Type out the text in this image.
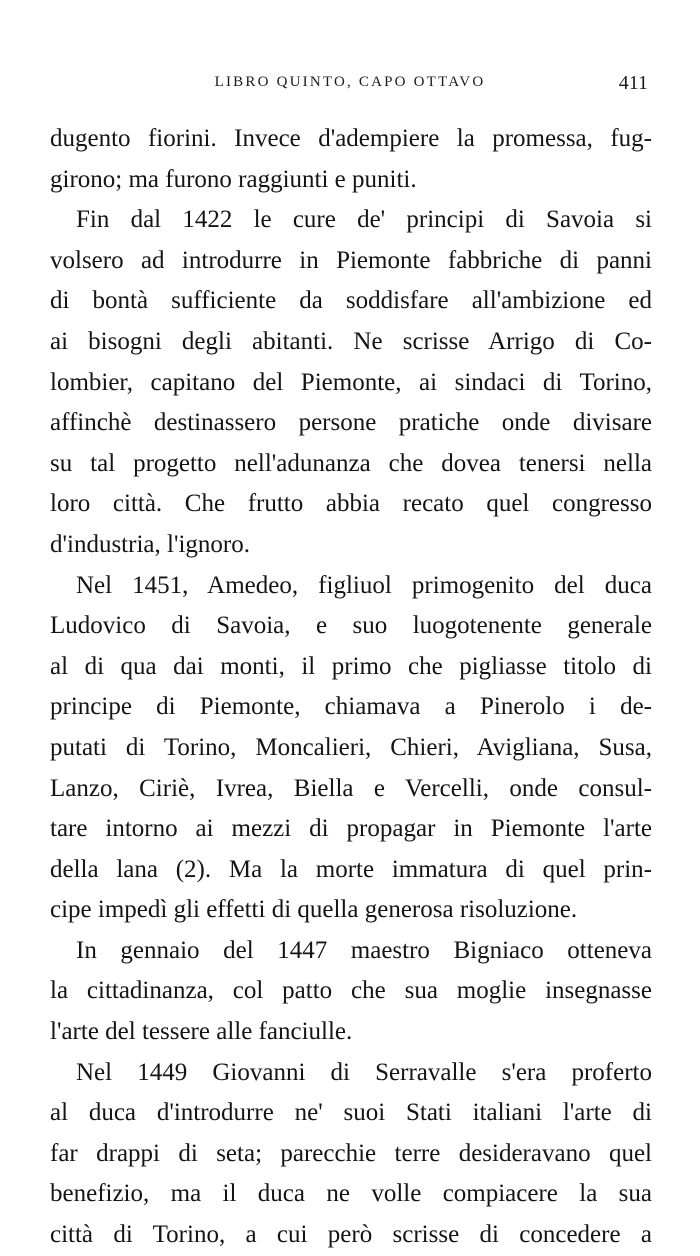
LIBRO QUINTO, CAPO OTTAVO	411
dugento fiorini. Invece d'adempiere la promessa, fug-
girono; ma furono raggiunti e puniti.
Fin dal 1422 le cure de' principi di Savoia si
volsero ad introdurre in Piemonte fabbriche di panni
di bontà sufficiente da soddisfare all'ambizione ed
ai bisogni degli abitanti. Ne scrisse Arrigo di Co-
lombier, capitano del Piemonte, ai sindaci di Torino,
affinchè destinassero persone pratiche onde divisare
su tal progetto nell'adunanza che dovea tenersi nella
loro città. Che frutto abbia recato quel congresso
d'industria, l'ignoro.
Nel 1451, Amedeo, figliuol primogenito del duca
Ludovico di Savoia, e suo luogotenente generale
al di qua dai monti, il primo che pigliasse titolo di
principe di Piemonte, chiamava a Pinerolo i de-
putati di Torino, Moncalieri, Chieri, Avigliana, Susa,
Lanzo, Ciriè, Ivrea, Biella e Vercelli, onde consul-
tare intorno ai mezzi di propagar in Piemonte l'arte
della lana (2). Ma la morte immatura di quel prin-
cipe impedì gli effetti di quella generosa risoluzione.
In gennaio del 1447 maestro Bigniaco otteneva
la cittadinanza, col patto che sua moglie insegnasse
l'arte del tessere alle fanciulle.
Nel 1449 Giovanni di Serravalle s'era proferto
al duca d'introdurre ne' suoi Stati italiani l'arte di
far drappi di seta; parecchie terre desideravano quel
benefizio, ma il duca ne volle compiacere la sua
città di Torino, a cui però scrisse di concedere a
